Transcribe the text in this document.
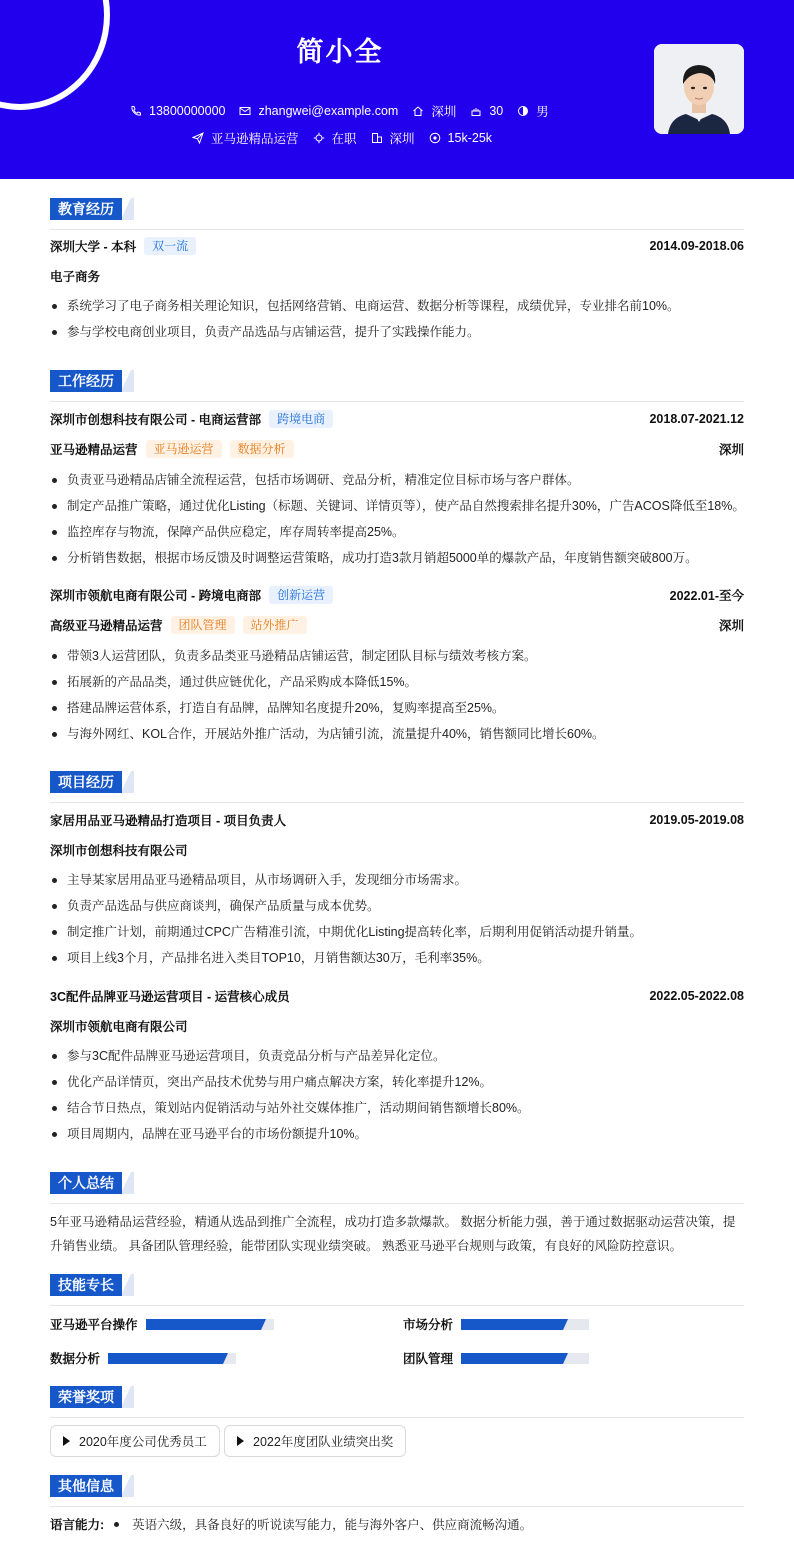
简小全
13800000000	zhangwei@example.com	深圳	30	男
亚马逊精品运营	在职	深圳	15k-25k
教育经历
深圳大学 - 本科	双一流	2014.09-2018.06
电子商务
系统学习了电子商务相关理论知识，包括网络营销、电商运营、数据分析等课程，成绩优异，专业排名前10%。
参与学校电商创业项目，负责产品选品与店铺运营，提升了实践操作能力。
工作经历
深圳市创想科技有限公司 - 电商运营部	跨境电商	2018.07-2021.12
亚马逊精品运营	亚马逊运营	数据分析	深圳
负责亚马逊精品店铺全流程运营，包括市场调研、竞品分析，精准定位目标市场与客户群体。
制定产品推广策略，通过优化Listing（标题、关键词、详情页等），使产品自然搜索排名提升30%，广告ACOS降低至18%。
监控库存与物流，保障产品供应稳定，库存周转率提高25%。
分析销售数据，根据市场反馈及时调整运营策略，成功打造3款月销超5000单的爆款产品，年度销售额突破800万。
深圳市领航电商有限公司 - 跨境电商部	创新运营	2022.01-至今
高级亚马逊精品运营	团队管理	站外推广	深圳
带领3人运营团队，负责多品类亚马逊精品店铺运营，制定团队目标与绩效考核方案。
拓展新的产品品类，通过供应链优化，产品采购成本降低15%。
搭建品牌运营体系，打造自有品牌，品牌知名度提升20%，复购率提高至25%。
与海外网红、KOL合作，开展站外推广活动，为店铺引流，流量提升40%，销售额同比增长60%。
项目经历
家居用品亚马逊精品打造项目 - 项目负责人	2019.05-2019.08
深圳市创想科技有限公司
主导某家居用品亚马逊精品项目，从市场调研入手，发现细分市场需求。
负责产品选品与供应商谈判，确保产品质量与成本优势。
制定推广计划，前期通过CPC广告精准引流，中期优化Listing提高转化率，后期利用促销活动提升销量。
项目上线3个月，产品排名进入类目TOP10，月销售额达30万，毛利率35%。
3C配件品牌亚马逊运营项目 - 运营核心成员	2022.05-2022.08
深圳市领航电商有限公司
参与3C配件品牌亚马逊运营项目，负责竞品分析与产品差异化定位。
优化产品详情页，突出产品技术优势与用户痛点解决方案，转化率提升12%。
结合节日热点，策划站内促销活动与站外社交媒体推广，活动期间销售额增长80%。
项目周期内，品牌在亚马逊平台的市场份额提升10%。
个人总结
5年亚马逊精品运营经验，精通从选品到推广全流程，成功打造多款爆款。 数据分析能力强，善于通过数据驱动运营决策，提升销售业绩。 具备团队管理经验，能带团队实现业绩突破。 熟悉亚马逊平台规则与政策，有良好的风险防控意识。
技能专长
亚马逊平台操作	市场分析
数据分析	团队管理
荣誉奖项
2020年度公司优秀员工	2022年度团队业绩突出奖
其他信息
语言能力: 英语六级，具备良好的听说读写能力，能与海外客户、供应商流畅沟通。
